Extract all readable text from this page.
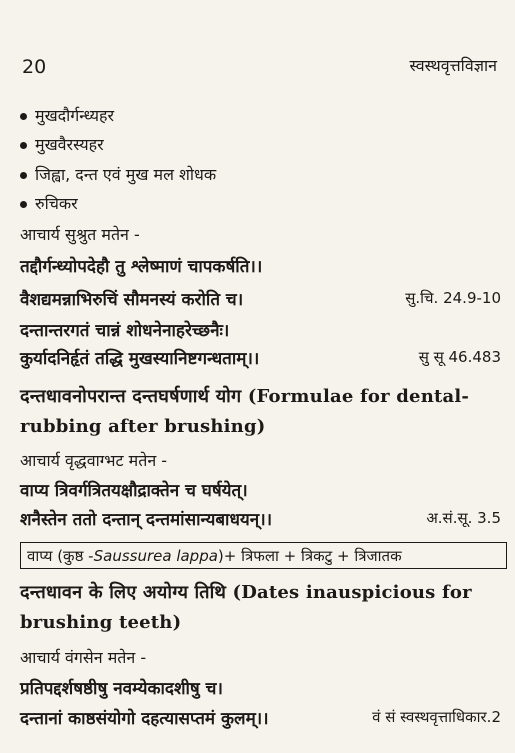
20	स्वस्थवृत्तविज्ञान
मुखदौर्गन्ध्यहर
मुखवैरस्यहर
जिह्वा, दन्त एवं मुख मल शोधक
रुचिकर
आचार्य सुश्रुत मतेन -
तद्दौर्गन्ध्योपदेहौ तु श्लेष्माणं चापकर्षति।।
वैशद्यमन्नाभिरुचिं सौमनस्यं करोति च।	सु.चि. 24.9-10
दन्तान्तरगतं चान्नं शोधनेनाहरेच्छनैः।
कुर्यादनिर्हृतं तद्धि मुखस्यानिष्टगन्धताम्।।	सु सू 46.483
दन्तधावनोपरान्त दन्तघर्षणार्थ योग (Formulae for dental-
rubbing after brushing)
आचार्य वृद्धवाग्भट मतेन -
वाप्य त्रिवर्गत्रितयक्षौद्राक्तेन च घर्षयेत्।
शनैस्तेन ततो दन्तान् दन्तमांसान्यबाधयन्।।	अ.सं.सू. 3.5
वाप्य (कुष्ठ -Saussurea lappa)+ त्रिफला + त्रिकटु + त्रिजातक
दन्तधावन के लिए अयोग्य तिथि (Dates inauspicious for
brushing teeth)
आचार्य वंगसेन मतेन -
प्रतिपद्दर्शषष्ठीषु नवम्येकादशीषु च।
दन्तानां काष्ठसंयोगो दहत्यासप्तमं कुलम्।।	वं सं स्वस्थवृत्ताधिकार.2
